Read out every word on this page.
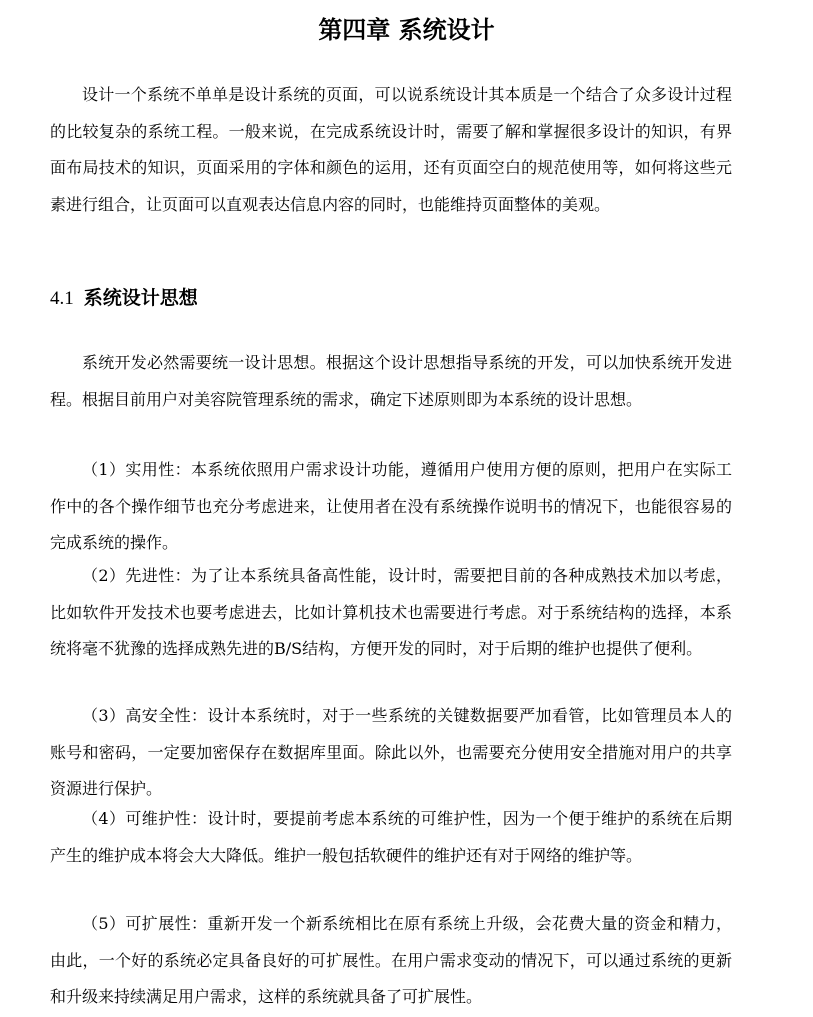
第四章 系统设计

设计一个系统不单单是设计系统的页面，可以说系统设计其本质是一个结合了众多设计过程的比较复杂的系统工程。一般来说，在完成系统设计时，需要了解和掌握很多设计的知识，有界面布局技术的知识，页面采用的字体和颜色的运用，还有页面空白的规范使用等，如何将这些元素进行组合，让页面可以直观表达信息内容的同时，也能维持页面整体的美观。

4.1 系统设计思想

系统开发必然需要统一设计思想。根据这个设计思想指导系统的开发，可以加快系统开发进程。根据目前用户对美容院管理系统的需求，确定下述原则即为本系统的设计思想。

（1）实用性：本系统依照用户需求设计功能，遵循用户使用方便的原则，把用户在实际工作中的各个操作细节也充分考虑进来，让使用者在没有系统操作说明书的情况下，也能很容易的完成系统的操作。

（2）先进性：为了让本系统具备高性能，设计时，需要把目前的各种成熟技术加以考虑，比如软件开发技术也要考虑进去，比如计算机技术也需要进行考虑。对于系统结构的选择，本系统将毫不犹豫的选择成熟先进的B/S结构，方便开发的同时，对于后期的维护也提供了便利。

（3）高安全性：设计本系统时，对于一些系统的关键数据要严加看管，比如管理员本人的账号和密码，一定要加密保存在数据库里面。除此以外，也需要充分使用安全措施对用户的共享资源进行保护。

（4）可维护性：设计时，要提前考虑本系统的可维护性，因为一个便于维护的系统在后期产生的维护成本将会大大降低。维护一般包括软硬件的维护还有对于网络的维护等。

（5）可扩展性：重新开发一个新系统相比在原有系统上升级，会花费大量的资金和精力，由此，一个好的系统必定具备良好的可扩展性。在用户需求变动的情况下，可以通过系统的更新和升级来持续满足用户需求，这样的系统就具备了可扩展性。
